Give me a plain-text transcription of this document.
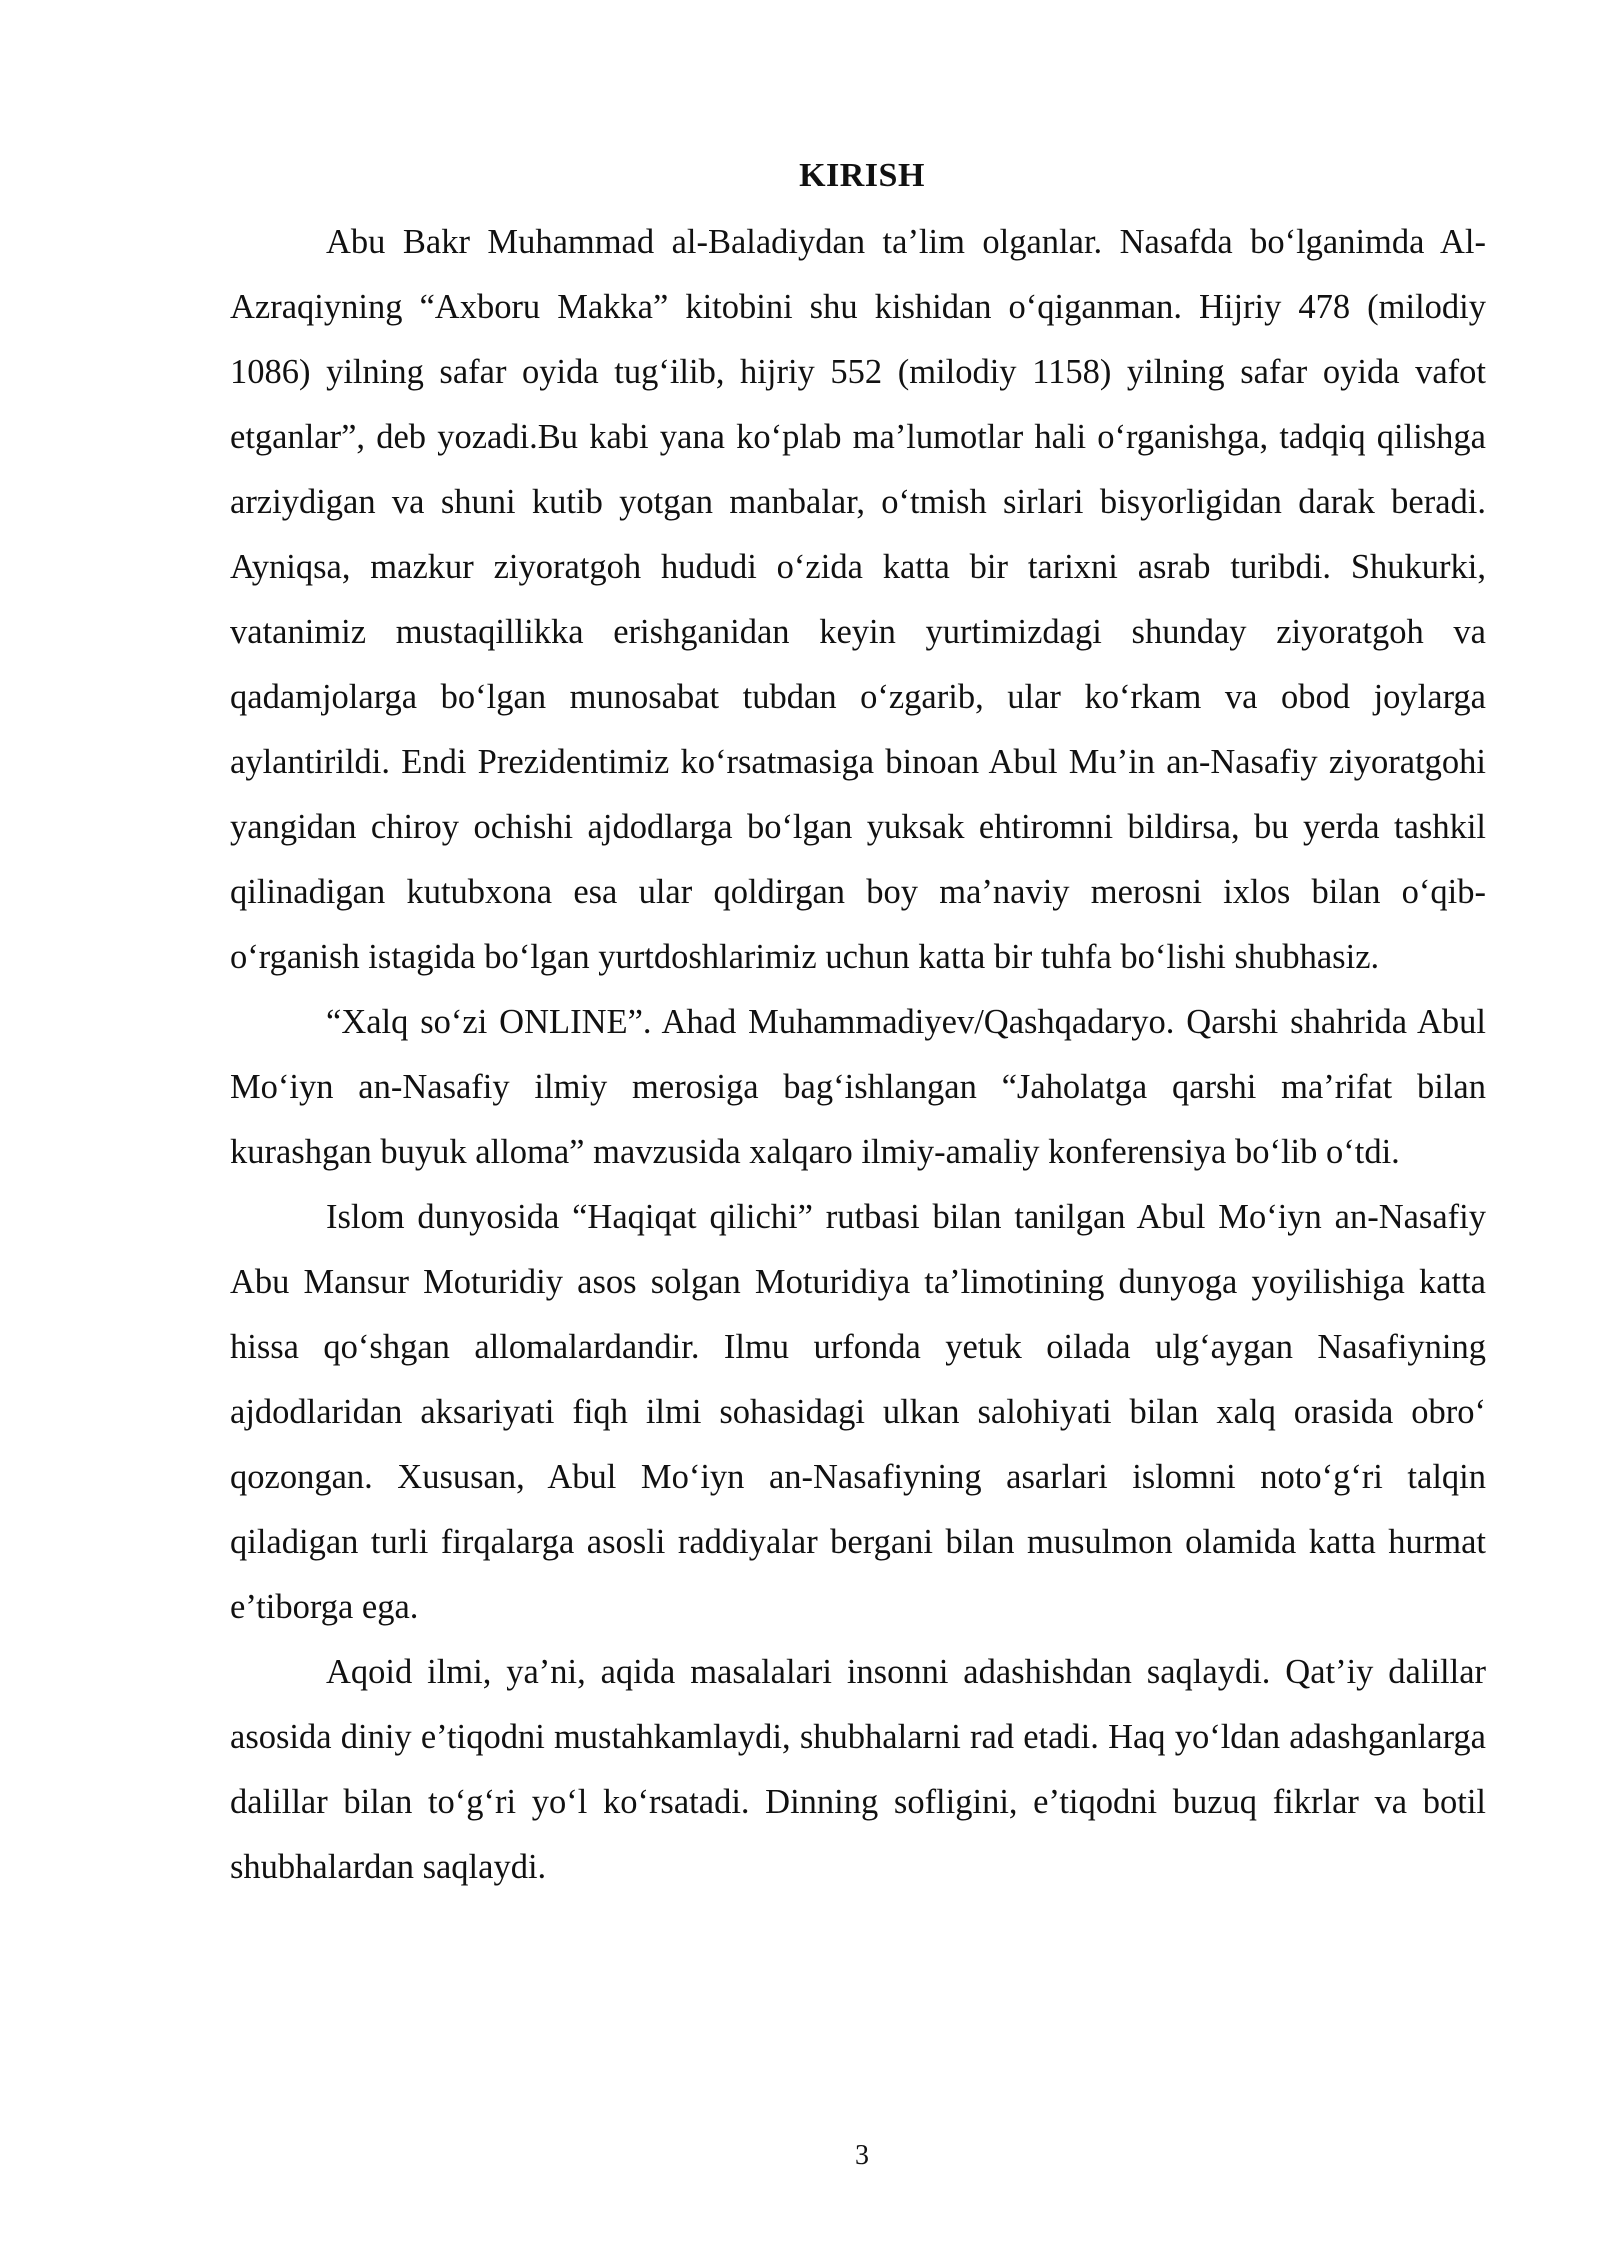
KIRISH

Abu Bakr Muhammad al-Baladiydan ta’lim olganlar. Nasafda bo‘lganimda Al-Azraqiyning “Axboru Makka” kitobini shu kishidan o‘qiganman. Hijriy 478 (milodiy 1086) yilning safar oyida tug‘ilib, hijriy 552 (milodiy 1158) yilning safar oyida vafot etganlar”, deb yozadi.Bu kabi yana ko‘plab ma’lumotlar hali o‘rganishga, tadqiq qilishga arziydigan va shuni kutib yotgan manbalar, o‘tmish sirlari bisyorligidan darak beradi. Ayniqsa, mazkur ziyoratgoh hududi o‘zida katta bir tarixni asrab turibdi. Shukurki, vatanimiz mustaqillikka erishganidan keyin yurtimizdagi shunday ziyoratgoh va qadamjolarga bo‘lgan munosabat tubdan o‘zgarib, ular ko‘rkam va obod joylarga aylantirildi. Endi Prezidentimiz ko‘rsatmasiga binoan Abul Mu’in an-Nasafiy ziyoratgohi yangidan chiroy ochishi ajdodlarga bo‘lgan yuksak ehtiromni bildirsa, bu yerda tashkil qilinadigan kutubxona esa ular qoldirgan boy ma’naviy merosni ixlos bilan o‘qib-o‘rganish istagida bo‘lgan yurtdoshlarimiz uchun katta bir tuhfa bo‘lishi shubhasiz.

“Xalq so‘zi ONLINE”. Ahad Muhammadiyev/Qashqadaryo. Qarshi shahrida Abul Mo‘iyn an-Nasafiy ilmiy merosiga bag‘ishlangan “Jaholatga qarshi ma’rifat bilan kurashgan buyuk alloma” mavzusida xalqaro ilmiy-amaliy konferensiya bo‘lib o‘tdi.

Islom dunyosida “Haqiqat qilichi” rutbasi bilan tanilgan Abul Mo‘iyn an-Nasafiy Abu Mansur Moturidiy asos solgan Moturidiya ta’limotining dunyoga yoyilishiga katta hissa qo‘shgan allomalardandir. Ilmu urfonda yetuk oilada ulg‘aygan Nasafiyning ajdodlaridan aksariyati fiqh ilmi sohasidagi ulkan salohiyati bilan xalq orasida obro‘ qozongan. Xususan, Abul Mo‘iyn an-Nasafiyning asarlari islomni noto‘g‘ri talqin qiladigan turli firqalarga asosli raddiyalar bergani bilan musulmon olamida katta hurmat e’tiborga ega.

Aqoid ilmi, ya’ni, aqida masalalari insonni adashishdan saqlaydi. Qat’iy dalillar asosida diniy e’tiqodni mustahkamlaydi, shubhalarni rad etadi. Haq yo‘ldan adashganlarga dalillar bilan to‘g‘ri yo‘l ko‘rsatadi. Dinning sofligini, e’tiqodni buzuq fikrlar va botil shubhalardan saqlaydi.

3
